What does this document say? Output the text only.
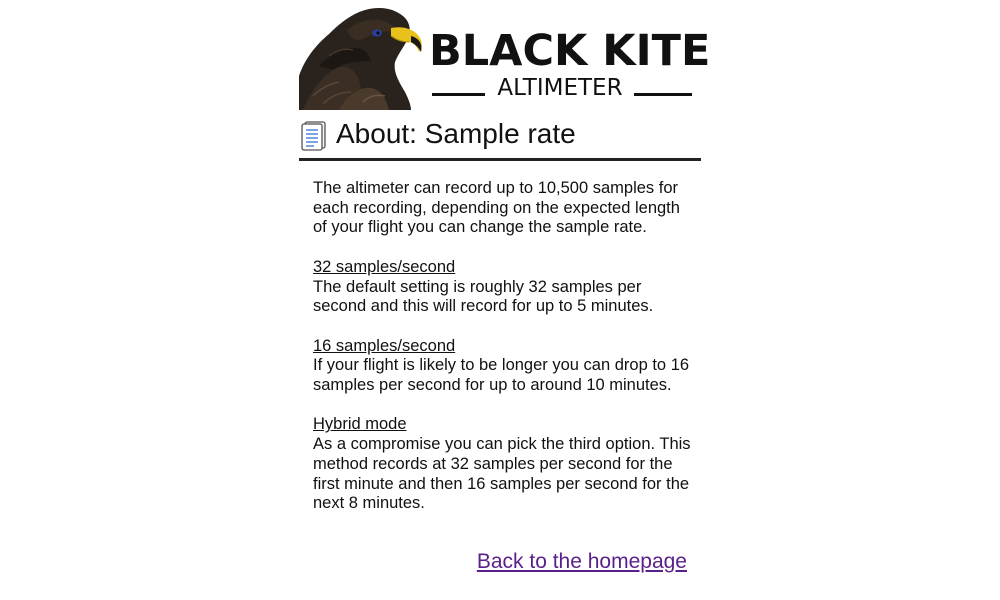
BLACK KITE
ALTIMETER
About: Sample rate

The altimeter can record up to 10,500 samples for each recording, depending on the expected length of your flight you can change the sample rate.

32 samples/second
The default setting is roughly 32 samples per second and this will record for up to 5 minutes.

16 samples/second
If your flight is likely to be longer you can drop to 16 samples per second for up to around 10 minutes.

Hybrid mode
As a compromise you can pick the third option. This method records at 32 samples per second for the first minute and then 16 samples per second for the next 8 minutes.

Back to the homepage
